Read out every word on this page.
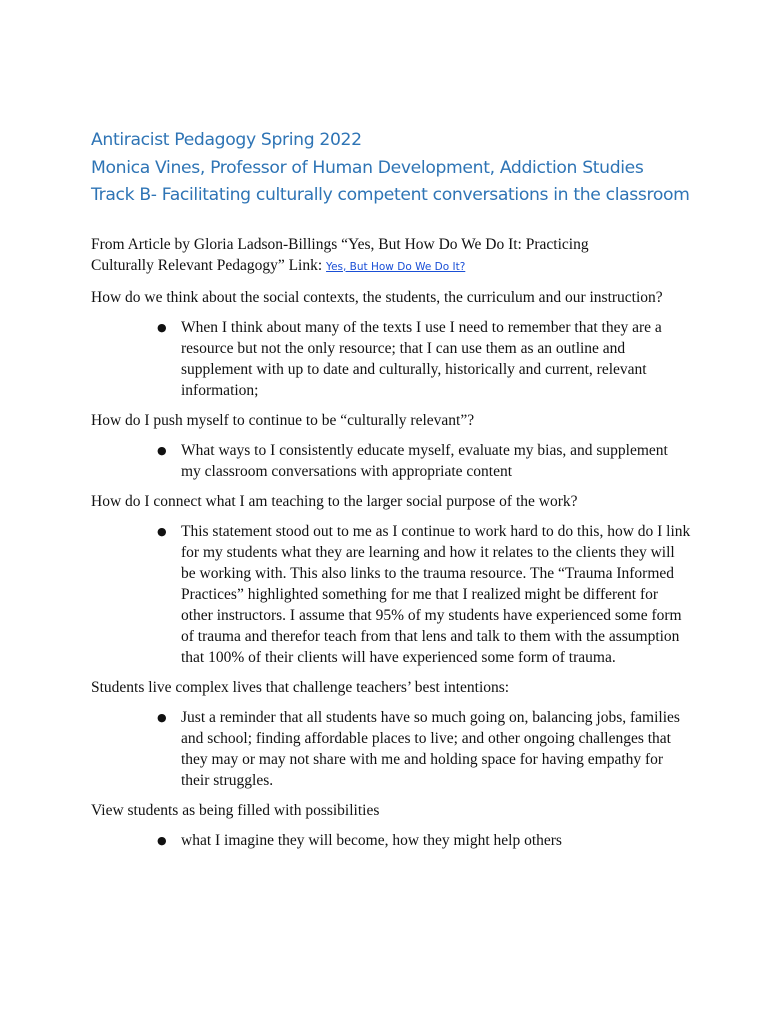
Antiracist Pedagogy Spring 2022
Monica Vines, Professor of Human Development, Addiction Studies
Track B- Facilitating culturally competent conversations in the classroom
From Article by Gloria Ladson-Billings “Yes, But How Do We Do It: Practicing
Culturally Relevant Pedagogy” Link: Yes, But How Do We Do It?
How do we think about the social contexts, the students, the curriculum and our instruction?
● When I think about many of the texts I use I need to remember that they are a resource but not the only resource; that I can use them as an outline and supplement with up to date and culturally, historically and current, relevant information;
How do I push myself to continue to be “culturally relevant”?
● What ways to I consistently educate myself, evaluate my bias, and supplement my classroom conversations with appropriate content
How do I connect what I am teaching to the larger social purpose of the work?
● This statement stood out to me as I continue to work hard to do this, how do I link for my students what they are learning and how it relates to the clients they will be working with. This also links to the trauma resource. The “Trauma Informed Practices” highlighted something for me that I realized might be different for other instructors. I assume that 95% of my students have experienced some form of trauma and therefor teach from that lens and talk to them with the assumption that 100% of their clients will have experienced some form of trauma.
Students live complex lives that challenge teachers’ best intentions:
● Just a reminder that all students have so much going on, balancing jobs, families and school; finding affordable places to live; and other ongoing challenges that they may or may not share with me and holding space for having empathy for their struggles.
View students as being filled with possibilities
● what I imagine they will become, how they might help others
